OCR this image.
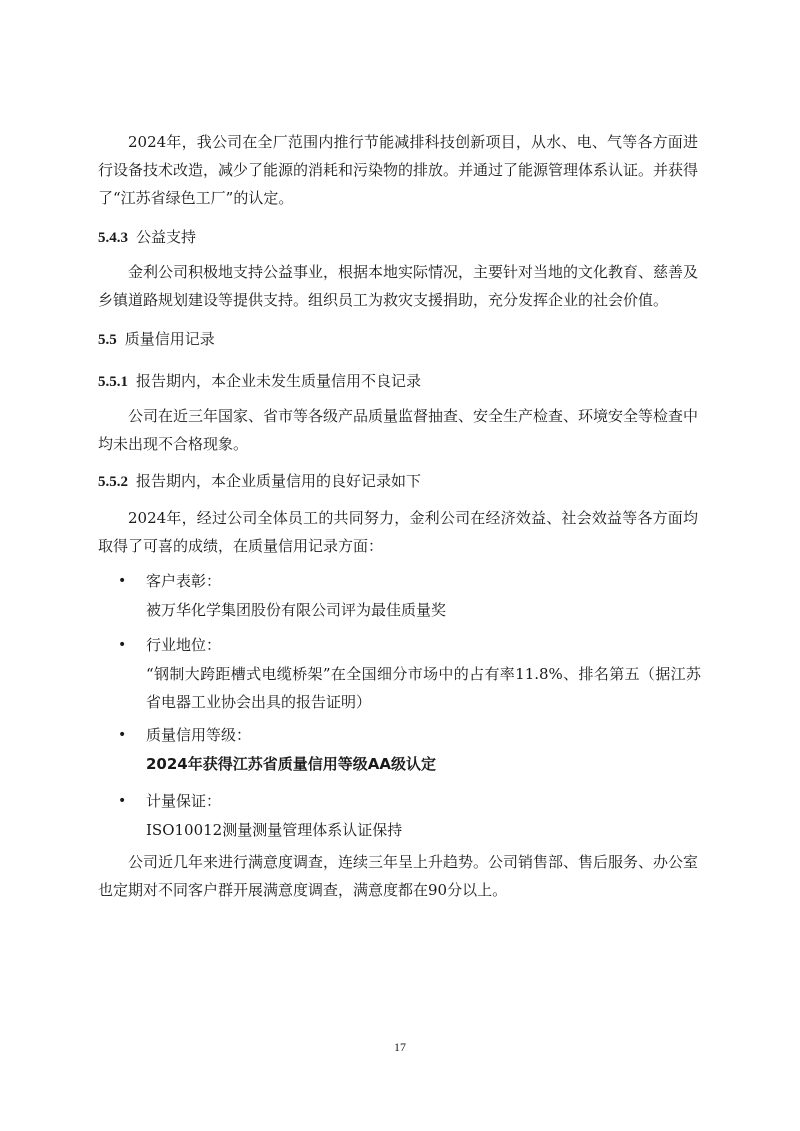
2024年，我公司在全厂范围内推行节能减排科技创新项目，从水、电、气等各方面进行设备技术改造，减少了能源的消耗和污染物的排放。并通过了能源管理体系认证。并获得了“江苏省绿色工厂”的认定。

5.4.3 公益支持

金利公司积极地支持公益事业，根据本地实际情况，主要针对当地的文化教育、慈善及乡镇道路规划建设等提供支持。组织员工为救灾支援捐助，充分发挥企业的社会价值。

5.5 质量信用记录
5.5.1 报告期内，本企业未发生质量信用不良记录

公司在近三年国家、省市等各级产品质量监督抽查、安全生产检查、环境安全等检查中均未出现不合格现象。

5.5.2 报告期内，本企业质量信用的良好记录如下

2024年，经过公司全体员工的共同努力，金利公司在经济效益、社会效益等各方面均取得了可喜的成绩，在质量信用记录方面：

• 客户表彰：
被万华化学集团股份有限公司评为最佳质量奖
• 行业地位：
“钢制大跨距槽式电缆桥架”在全国细分市场中的占有率11.8%、排名第五（据江苏省电器工业协会出具的报告证明）
• 质量信用等级：
2024年获得江苏省质量信用等级AA级认定
• 计量保证：
ISO10012测量测量管理体系认证保持

公司近几年来进行满意度调查，连续三年呈上升趋势。公司销售部、售后服务、办公室也定期对不同客户群开展满意度调查，满意度都在90分以上。

17
